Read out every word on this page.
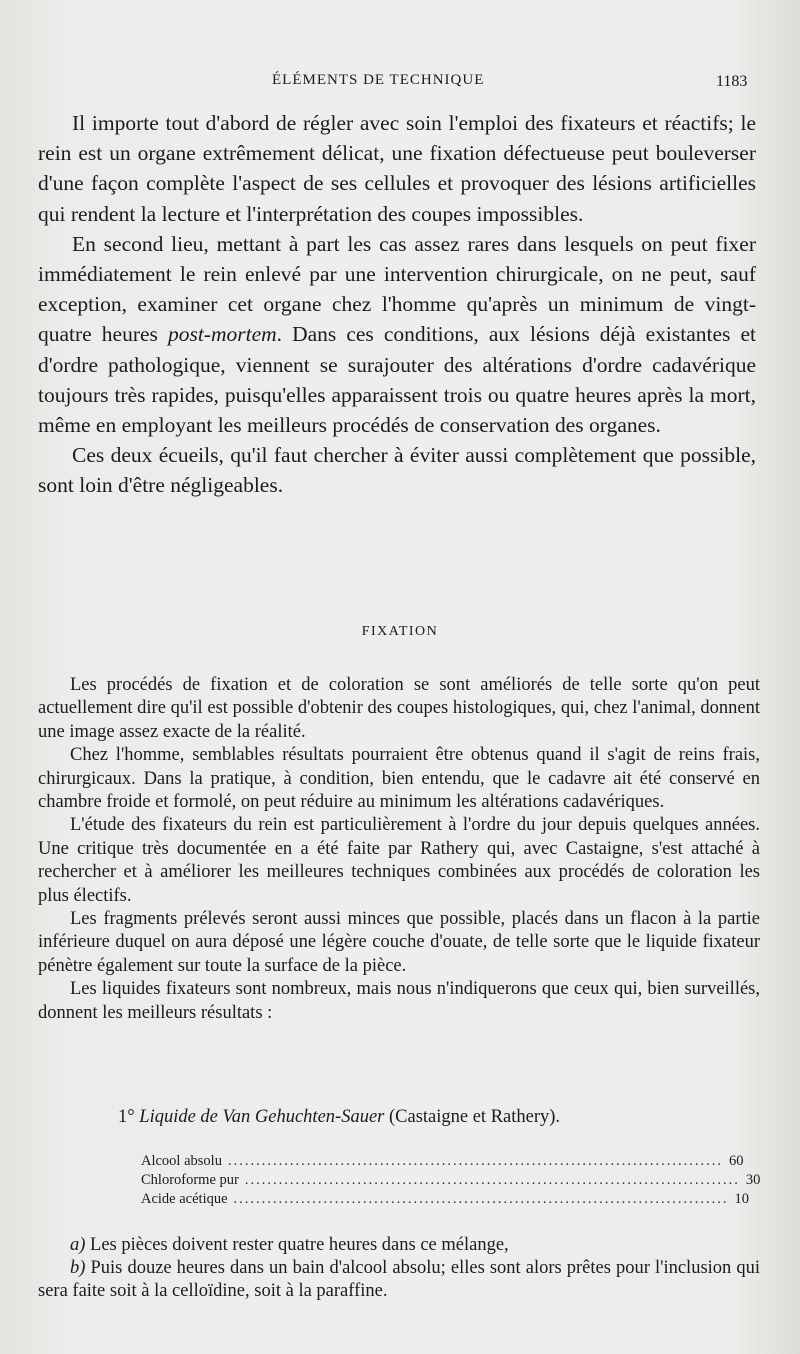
ÉLÉMENTS DE TECHNIQUE	1183

Il importe tout d'abord de régler avec soin l'emploi des fixateurs et réactifs; le rein est un organe extrêmement délicat, une fixation défectueuse peut bouleverser d'une façon complète l'aspect de ses cellules et provoquer des lésions artificielles qui rendent la lecture et l'interprétation des coupes impossibles.

En second lieu, mettant à part les cas assez rares dans lesquels on peut fixer immédiatement le rein enlevé par une intervention chirurgicale, on ne peut, sauf exception, examiner cet organe chez l'homme qu'après un minimum de vingt-quatre heures post-mortem. Dans ces conditions, aux lésions déjà existantes et d'ordre pathologique, viennent se surajouter des altérations d'ordre cadavérique toujours très rapides, puisqu'elles apparaissent trois ou quatre heures après la mort, même en employant les meilleurs procédés de conservation des organes.

Ces deux écueils, qu'il faut chercher à éviter aussi complètement que possible, sont loin d'être négligeables.

FIXATION

Les procédés de fixation et de coloration se sont améliorés de telle sorte qu'on peut actuellement dire qu'il est possible d'obtenir des coupes histologiques, qui, chez l'animal, donnent une image assez exacte de la réalité.

Chez l'homme, semblables résultats pourraient être obtenus quand il s'agit de reins frais, chirurgicaux. Dans la pratique, à condition, bien entendu, que le cadavre ait été conservé en chambre froide et formolé, on peut réduire au minimum les altérations cadavériques.

L'étude des fixateurs du rein est particulièrement à l'ordre du jour depuis quelques années. Une critique très documentée en a été faite par Rathery qui, avec Castaigne, s'est attaché à rechercher et à améliorer les meilleures techniques combinées aux procédés de coloration les plus électifs.

Les fragments prélevés seront aussi minces que possible, placés dans un flacon à la partie inférieure duquel on aura déposé une légère couche d'ouate, de telle sorte que le liquide fixateur pénètre également sur toute la surface de la pièce.

Les liquides fixateurs sont nombreux, mais nous n'indiquerons que ceux qui, bien surveillés, donnent les meilleurs résultats :

1° Liquide de Van Gehuchten-Sauer (Castaigne et Rathery).
Alcool absolu ........................................................................................ 60
Chloroforme pur ........................................................................................ 30
Acide acétique ........................................................................................ 10

a) Les pièces doivent rester quatre heures dans ce mélange,

b) Puis douze heures dans un bain d'alcool absolu; elles sont alors prêtes pour l'inclusion qui sera faite soit à la celloïdine, soit à la paraffine.
